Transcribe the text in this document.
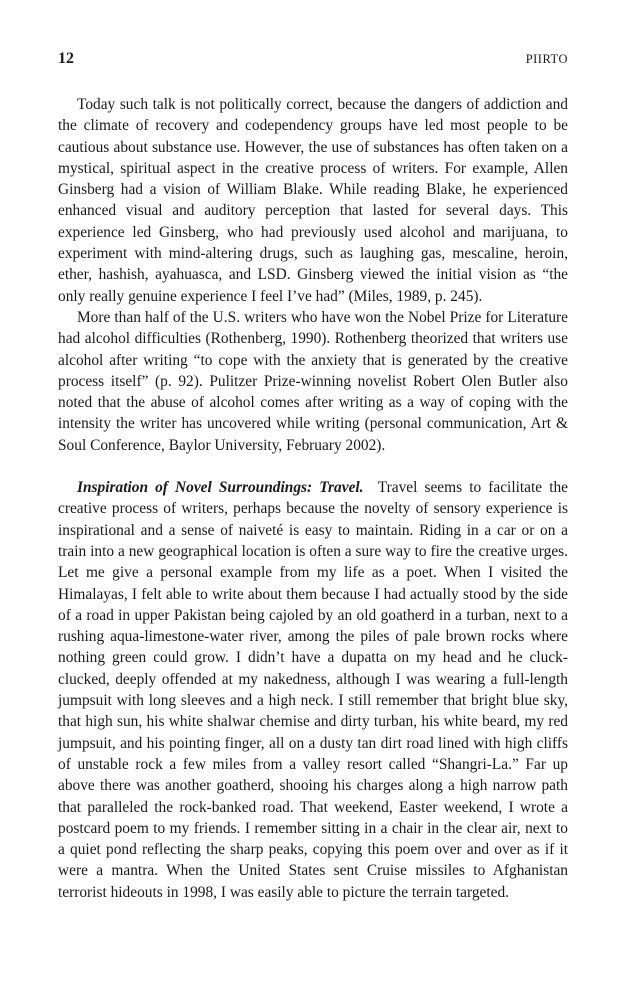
12	PIIRTO

Today such talk is not politically correct, because the dangers of addiction and the climate of recovery and codependency groups have led most people to be cautious about substance use. However, the use of substances has often taken on a mystical, spiritual aspect in the creative process of writers. For example, Allen Ginsberg had a vision of William Blake. While reading Blake, he experienced enhanced visual and auditory perception that lasted for several days. This experience led Ginsberg, who had previously used alcohol and marijuana, to experiment with mind-altering drugs, such as laughing gas, mescaline, heroin, ether, hashish, ayahuasca, and LSD. Ginsberg viewed the initial vision as “the only really genuine experience I feel I’ve had” (Miles, 1989, p. 245).

More than half of the U.S. writers who have won the Nobel Prize for Literature had alcohol difficulties (Rothenberg, 1990). Rothenberg theorized that writers use alcohol after writing “to cope with the anxiety that is generated by the creative process itself” (p. 92). Pulitzer Prize-winning novelist Robert Olen Butler also noted that the abuse of alcohol comes after writing as a way of coping with the intensity the writer has uncovered while writing (personal communication, Art & Soul Conference, Baylor University, February 2002).

Inspiration of Novel Surroundings: Travel. Travel seems to facilitate the creative process of writers, perhaps because the novelty of sensory experience is inspirational and a sense of naiveté is easy to maintain. Riding in a car or on a train into a new geographical location is often a sure way to fire the creative urges. Let me give a personal example from my life as a poet. When I visited the Himalayas, I felt able to write about them because I had actually stood by the side of a road in upper Pakistan being cajoled by an old goatherd in a turban, next to a rushing aqua-limestone-water river, among the piles of pale brown rocks where nothing green could grow. I didn’t have a dupatta on my head and he cluck-clucked, deeply offended at my nakedness, although I was wearing a full-length jumpsuit with long sleeves and a high neck. I still remember that bright blue sky, that high sun, his white shalwar chemise and dirty turban, his white beard, my red jumpsuit, and his pointing finger, all on a dusty tan dirt road lined with high cliffs of unstable rock a few miles from a valley resort called “Shangri-La.” Far up above there was another goatherd, shooing his charges along a high narrow path that paralleled the rock-banked road. That weekend, Easter weekend, I wrote a postcard poem to my friends. I remember sitting in a chair in the clear air, next to a quiet pond reflecting the sharp peaks, copying this poem over and over as if it were a mantra. When the United States sent Cruise missiles to Afghanistan terrorist hideouts in 1998, I was easily able to picture the terrain targeted.
